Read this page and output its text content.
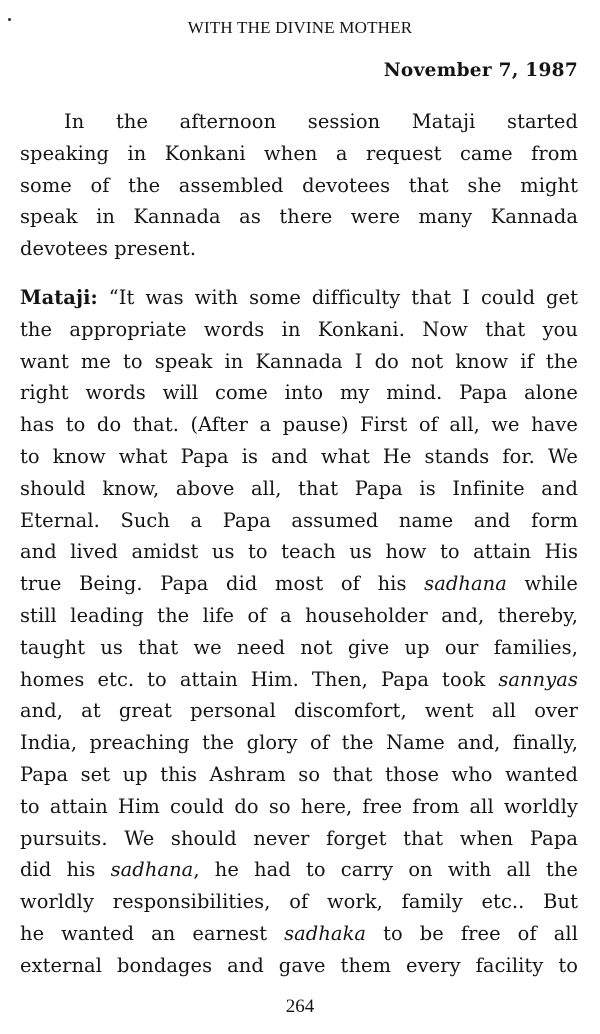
WITH THE DIVINE MOTHER
November 7, 1987
In the afternoon session Mataji started
speaking in Konkani when a request came from
some of the assembled devotees that she might
speak in Kannada as there were many Kannada
devotees present.
Mataji: “It was with some difficulty that I could get
the appropriate words in Konkani. Now that you
want me to speak in Kannada I do not know if the
right words will come into my mind. Papa alone
has to do that. (After a pause) First of all, we have
to know what Papa is and what He stands for. We
should know, above all, that Papa is Infinite and
Eternal. Such a Papa assumed name and form
and lived amidst us to teach us how to attain His
true Being. Papa did most of his sadhana while
still leading the life of a householder and, thereby,
taught us that we need not give up our families,
homes etc. to attain Him. Then, Papa took sannyas
and, at great personal discomfort, went all over
India, preaching the glory of the Name and, finally,
Papa set up this Ashram so that those who wanted
to attain Him could do so here, free from all worldly
pursuits. We should never forget that when Papa
did his sadhana, he had to carry on with all the
worldly responsibilities, of work, family etc.. But
he wanted an earnest sadhaka to be free of all
external bondages and gave them every facility to
264
